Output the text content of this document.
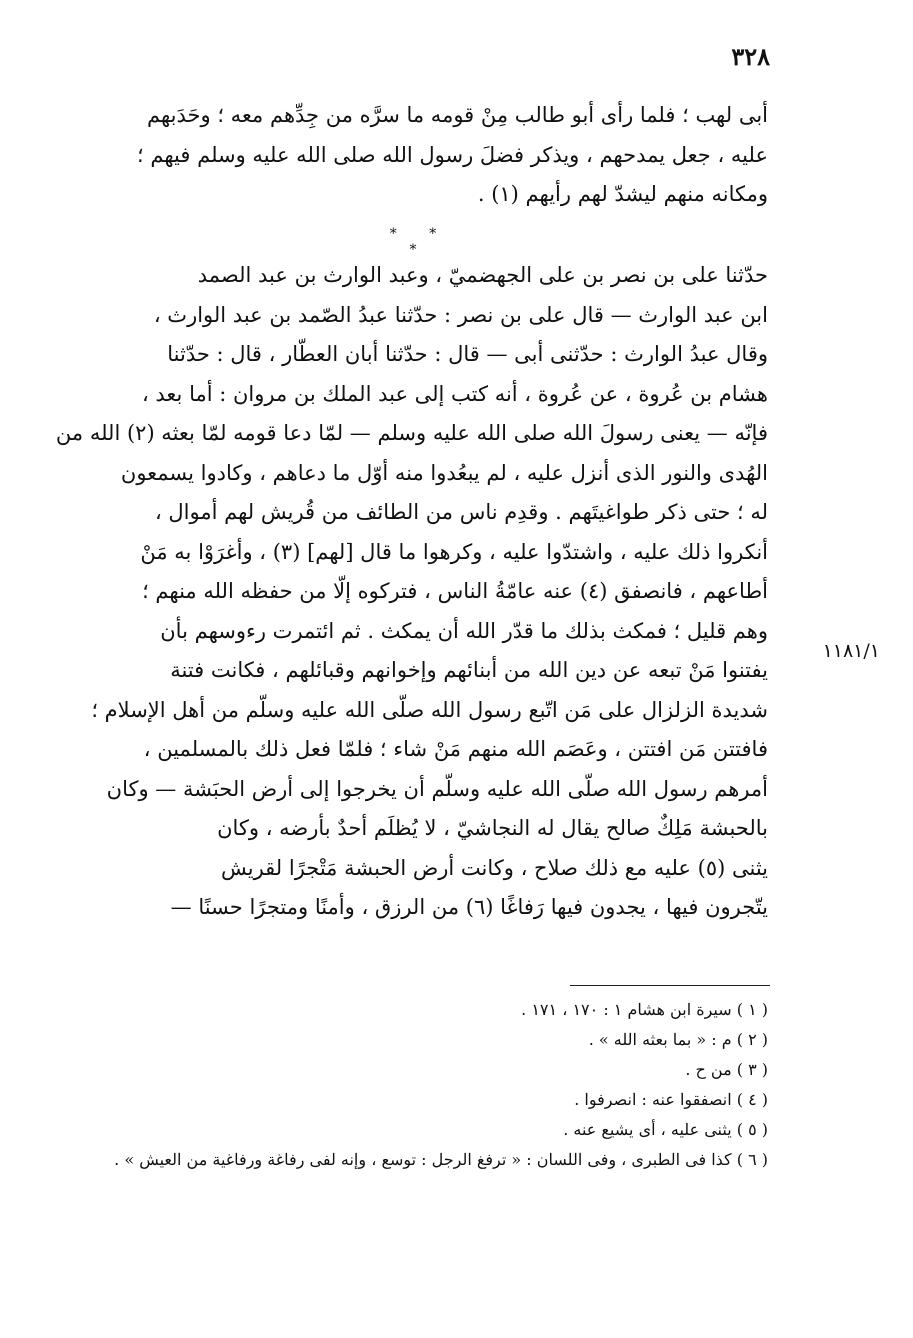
٣٢٨
أبى لهب ؛ فلما رأى أبو طالب مِنْ قومه ما سرَّه من جِدِّهم معه ؛ وحَدَبهم
عليه ، جعل يمدحهم ، ويذكر فضلَ رسول الله صلى الله عليه وسلم فيهم ؛
ومكانه منهم ليشدّ لهم رأيهم (١) .
* * *
حدّثنا على بن نصر بن على الجهضميّ ، وعبد الوارث بن عبد الصمد
ابن عبد الوارث — قال على بن نصر : حدّثنا عبدُ الصّمد بن عبد الوارث ،
وقال عبدُ الوارث : حدّثنى أبى — قال : حدّثنا أبان العطّار ، قال : حدّثنا
هشام بن عُروة ، عن عُروة ، أنه كتب إلى عبد الملك بن مروان : أما بعد ،
فإنّه — يعنى رسولَ الله صلى الله عليه وسلم — لمّا دعا قومه لمّا بعثه (٢) الله من
الهُدى والنور الذى أنزل عليه ، لم يبعُدوا منه أوّل ما دعاهم ، وكادوا يسمعون
له ؛ حتى ذكر طواغيتَهم . وقدِم ناس من الطائف من قُريش لهم أموال ،
أنكروا ذلك عليه ، واشتدّوا عليه ، وكرهوا ما قال [لهم] (٣) ، وأغرَوْا به مَنْ
أطاعهم ، فانصفق (٤) عنه عامّةُ الناس ، فتركوه إلّا من حفظه الله منهم ؛
وهم قليل ؛ فمكث بذلك ما قدّر الله أن يمكث . ثم ائتمرت رءوسهم بأن
يفتنوا مَنْ تبعه عن دين الله من أبنائهم وإخوانهم وقبائلهم ، فكانت فتنة
شديدة الزلزال على مَن اتّبع رسول الله صلّى الله عليه وسلّم من أهل الإسلام ؛
فافتتن مَن افتتن ، وعَصَم الله منهم مَنْ شاء ؛ فلمّا فعل ذلك بالمسلمين ،
أمرهم رسول الله صلّى الله عليه وسلّم أن يخرجوا إلى أرض الحبَشة — وكان
بالحبشة مَلِكٌ صالح يقال له النجاشيّ ، لا يُظلَم أحدٌ بأرضه ، وكان
يثنى (٥) عليه مع ذلك صلاح ، وكانت أرض الحبشة مَتْجرًا لقريش
يتّجرون فيها ، يجدون فيها رَفاغًا (٦) من الرزق ، وأمنًا ومتجرًا حسنًا —
١١٨١/١
( ١ ) سيرة ابن هشام ١ : ١٧٠ ، ١٧١ .
( ٢ ) م : « بما بعثه الله » .
( ٣ ) من ح .
( ٤ ) انصفقوا عنه : انصرفوا .
( ٥ ) يثنى عليه ، أى يشيع عنه .
( ٦ ) كذا فى الطبرى ، وفى اللسان : « ترفغ الرجل : توسع ، وإنه لفى رفاغة ورفاغية من العيش » .
